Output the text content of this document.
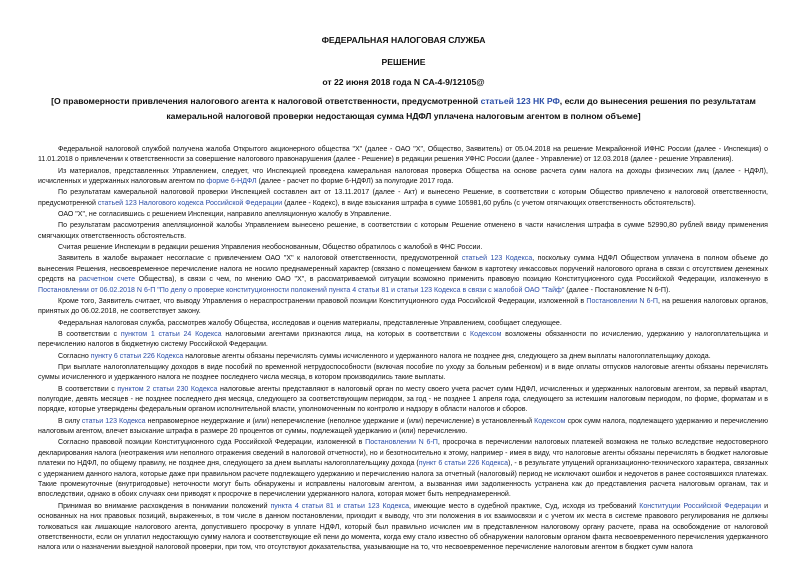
ФЕДЕРАЛЬНАЯ НАЛОГОВАЯ СЛУЖБА
РЕШЕНИЕ
от 22 июня 2018 года N СА-4-9/12105@
[О правомерности привлечения налогового агента к налоговой ответственности, предусмотренной статьей 123 НК РФ, если до вынесения решения по результатам камеральной налоговой проверки недостающая сумма НДФЛ уплачена налоговым агентом в полном объеме]

Федеральной налоговой службой получена жалоба Открытого акционерного общества "Х" (далее - ОАО "Х", Общество, Заявитель) от 05.04.2018 на решение Межрайонной ИФНС России (далее - Инспекция) о 11.01.2018 о привлечении к ответственности за совершение налогового правонарушения (далее - Решение) в редакции решения УФНС России (далее - Управление) от 12.03.2018 (далее - решение Управления).

Из материалов, представленных Управлением, следует, что Инспекцией проведена камеральная налоговая проверка Общества на основе расчета сумм налога на доходы физических лиц (далее - НДФЛ), исчисленных и удержанных налоговым агентом по форме 6-НДФЛ (далее - расчет по форме 6-НДФЛ) за полугодие 2017 года.

По результатам камеральной налоговой проверки Инспекцией составлен акт от 13.11.2017 (далее - Акт) и вынесено Решение, в соответствии с которым Общество привлечено к налоговой ответственности, предусмотренной статьей 123 Налогового кодекса Российской Федерации (далее - Кодекс), в виде взыскания штрафа в сумме 105981,60 рубль (с учетом отягчающих ответственность обстоятельств).

ОАО "Х", не согласившись с решением Инспекции, направило апелляционную жалобу в Управление.

По результатам рассмотрения апелляционной жалобы Управлением вынесено решение, в соответствии с которым Решение отменено в части начисления штрафа в сумме 52990,80 рублей ввиду применения смягчающих ответственность обстоятельств.

Считая решение Инспекции в редакции решения Управления необоснованным, Общество обратилось с жалобой в ФНС России.

Заявитель в жалобе выражает несогласие с привлечением ОАО "Х" к налоговой ответственности, предусмотренной статьей 123 Кодекса, поскольку сумма НДФЛ Обществом уплачена в полном объеме до вынесения Решения, несвоевременное перечисление налога не носило преднамеренный характер (связано с помещением банком в картотеку инкассовых поручений налогового органа в связи с отсутствием денежных средств на расчетном счете Общества), в связи с чем, по мнению ОАО "Х", в рассматриваемой ситуации возможно применить правовую позицию Конституционного суда Российской Федерации, изложенную в Постановлении от 06.02.2018 N 6-П "По делу о проверке конституционности положений пункта 4 статьи 81 и статьи 123 Кодекса в связи с жалобой ОАО "Тайф" (далее - Постановление N 6-П).

Кроме того, Заявитель считает, что выводу Управления о нераспространении правовой позиции Конституционного суда Российской Федерации, изложенной в Постановлении N 6-П, на решения налоговых органов, принятых до 06.02.2018, не соответствует закону.

Федеральная налоговая служба, рассмотрев жалобу Общества, исследовав и оценив материалы, представленные Управлением, сообщает следующее.

В соответствии с пунктом 1 статьи 24 Кодекса налоговыми агентами признаются лица, на которых в соответствии с Кодексом возложены обязанности по исчислению, удержанию у налогоплательщика и перечислению налогов в бюджетную систему Российской Федерации.

Согласно пункту 6 статьи 226 Кодекса налоговые агенты обязаны перечислять суммы исчисленного и удержанного налога не позднее дня, следующего за днем выплаты налогоплательщику дохода.

При выплате налогоплательщику доходов в виде пособий по временной нетрудоспособности (включая пособие по уходу за больным ребенком) и в виде оплаты отпусков налоговые агенты обязаны перечислять суммы исчисленного и удержанного налога не позднее последнего числа месяца, в котором производились такие выплаты.

В соответствии с пунктом 2 статьи 230 Кодекса налоговые агенты представляют в налоговый орган по месту своего учета расчет сумм НДФЛ, исчисленных и удержанных налоговым агентом, за первый квартал, полугодие, девять месяцев - не позднее последнего дня месяца, следующего за соответствующим периодом, за год - не позднее 1 апреля года, следующего за истекшим налоговым периодом, по форме, форматам и в порядке, которые утверждены федеральным органом исполнительной власти, уполномоченным по контролю и надзору в области налогов и сборов.

В силу статьи 123 Кодекса неправомерное неудержание и (или) неперечисление (неполное удержание и (или) перечисление) в установленный Кодексом срок сумм налога, подлежащего удержанию и перечислению налоговым агентом, влечет взыскание штрафа в размере 20 процентов от суммы, подлежащей удержанию и (или) перечислению.

Согласно правовой позиции Конституционного суда Российской Федерации, изложенной в Постановлении N 6-П, просрочка в перечислении налоговых платежей возможна не только вследствие недостоверного декларирования налога (неотражения или неполного отражения сведений в налоговой отчетности), но и безотносительно к этому, например - имея в виду, что налоговые агенты обязаны перечислять в бюджет налоговые платежи по НДФЛ, по общему правилу, не позднее дня, следующего за днем выплаты налогоплательщику дохода (пункт 6 статьи 226 Кодекса), - в результате упущений организационно-технического характера, связанных с удержанием данного налога, которые даже при правильном расчете подлежащего удержанию и перечислению налога за отчетный (налоговый) период не исключают ошибок и недочетов в ранее состоявшихся платежах. Такие промежуточные (внутригодовые) неточности могут быть обнаружены и исправлены налоговым агентом, а вызванная ими задолженность устранена как до представления расчета налоговым органам, так и впоследствии, однако в обоих случаях они приводят к просрочке в перечислении удержанного налога, которая может быть непреднамеренной.

Принимая во внимание расхождения в понимании положений пункта 4 статьи 81 и статьи 123 Кодекса, имеющие место в судебной практике, Суд, исходя из требований Конституции Российской Федерации и основанных на них правовых позиций, выраженных, в том числе в данном постановлении, приходит к выводу, что эти положения в их взаимосвязи и с учетом их места в системе правового регулирования не должны толковаться как лишающие налогового агента, допустившего просрочку в уплате НДФЛ, который был правильно исчислен им в представленном налоговому органу расчете, права на освобождение от налоговой ответственности, если он уплатил недостающую сумму налога и соответствующие ей пени до момента, когда ему стало известно об обнаружении налоговым органом факта несвоевременного перечисления удержанного налога или о назначении выездной налоговой проверки, при том, что отсутствуют доказательства, указывающие на то, что несвоевременное перечисление налоговым агентом в бюджет сумм налога
